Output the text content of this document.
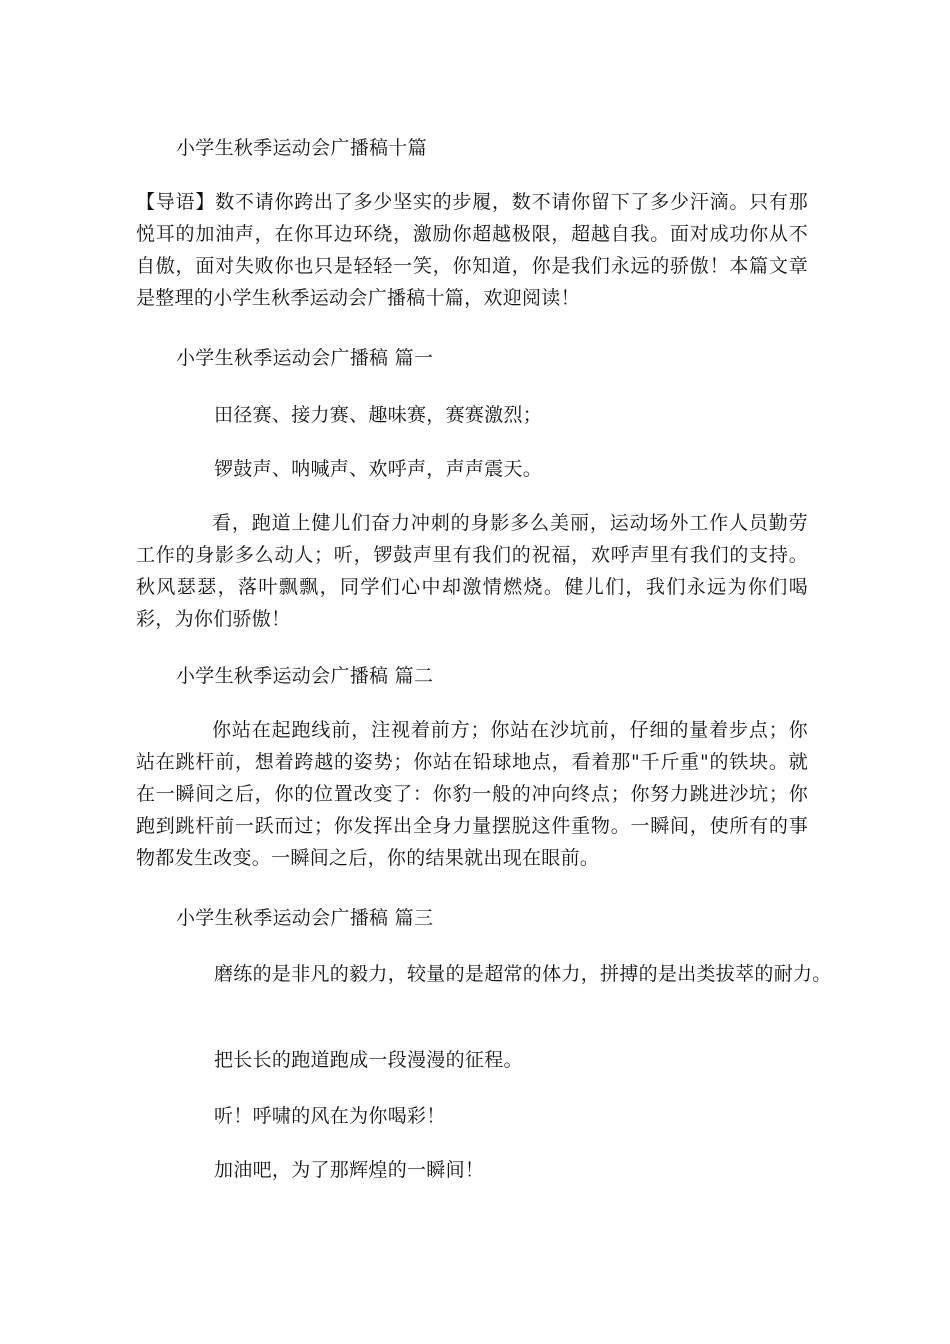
小学生秋季运动会广播稿十篇
【导语】数不请你跨出了多少坚实的步履，数不请你留下了多少汗滴。只有那悦耳的加油声，在你耳边环绕，激励你超越极限，超越自我。面对成功你从不自傲，面对失败你也只是轻轻一笑，你知道，你是我们永远的骄傲！本篇文章是整理的小学生秋季运动会广播稿十篇，欢迎阅读！
小学生秋季运动会广播稿 篇一
田径赛、接力赛、趣味赛，赛赛激烈；
锣鼓声、呐喊声、欢呼声，声声震天。
看，跑道上健儿们奋力冲刺的身影多么美丽，运动场外工作人员勤劳工作的身影多么动人；听，锣鼓声里有我们的祝福，欢呼声里有我们的支持。秋风瑟瑟，落叶飘飘，同学们心中却激情燃烧。健儿们，我们永远为你们喝彩，为你们骄傲！
小学生秋季运动会广播稿 篇二
你站在起跑线前，注视着前方；你站在沙坑前，仔细的量着步点；你站在跳杆前，想着跨越的姿势；你站在铅球地点，看着那"千斤重"的铁块。就在一瞬间之后，你的位置改变了：你豹一般的冲向终点；你努力跳进沙坑；你跑到跳杆前一跃而过；你发挥出全身力量摆脱这件重物。一瞬间，使所有的事物都发生改变。一瞬间之后，你的结果就出现在眼前。
小学生秋季运动会广播稿 篇三
磨练的是非凡的毅力，较量的是超常的体力，拼搏的是出类拔萃的耐力。
把长长的跑道跑成一段漫漫的征程。
听！呼啸的风在为你喝彩！
加油吧，为了那辉煌的一瞬间！
